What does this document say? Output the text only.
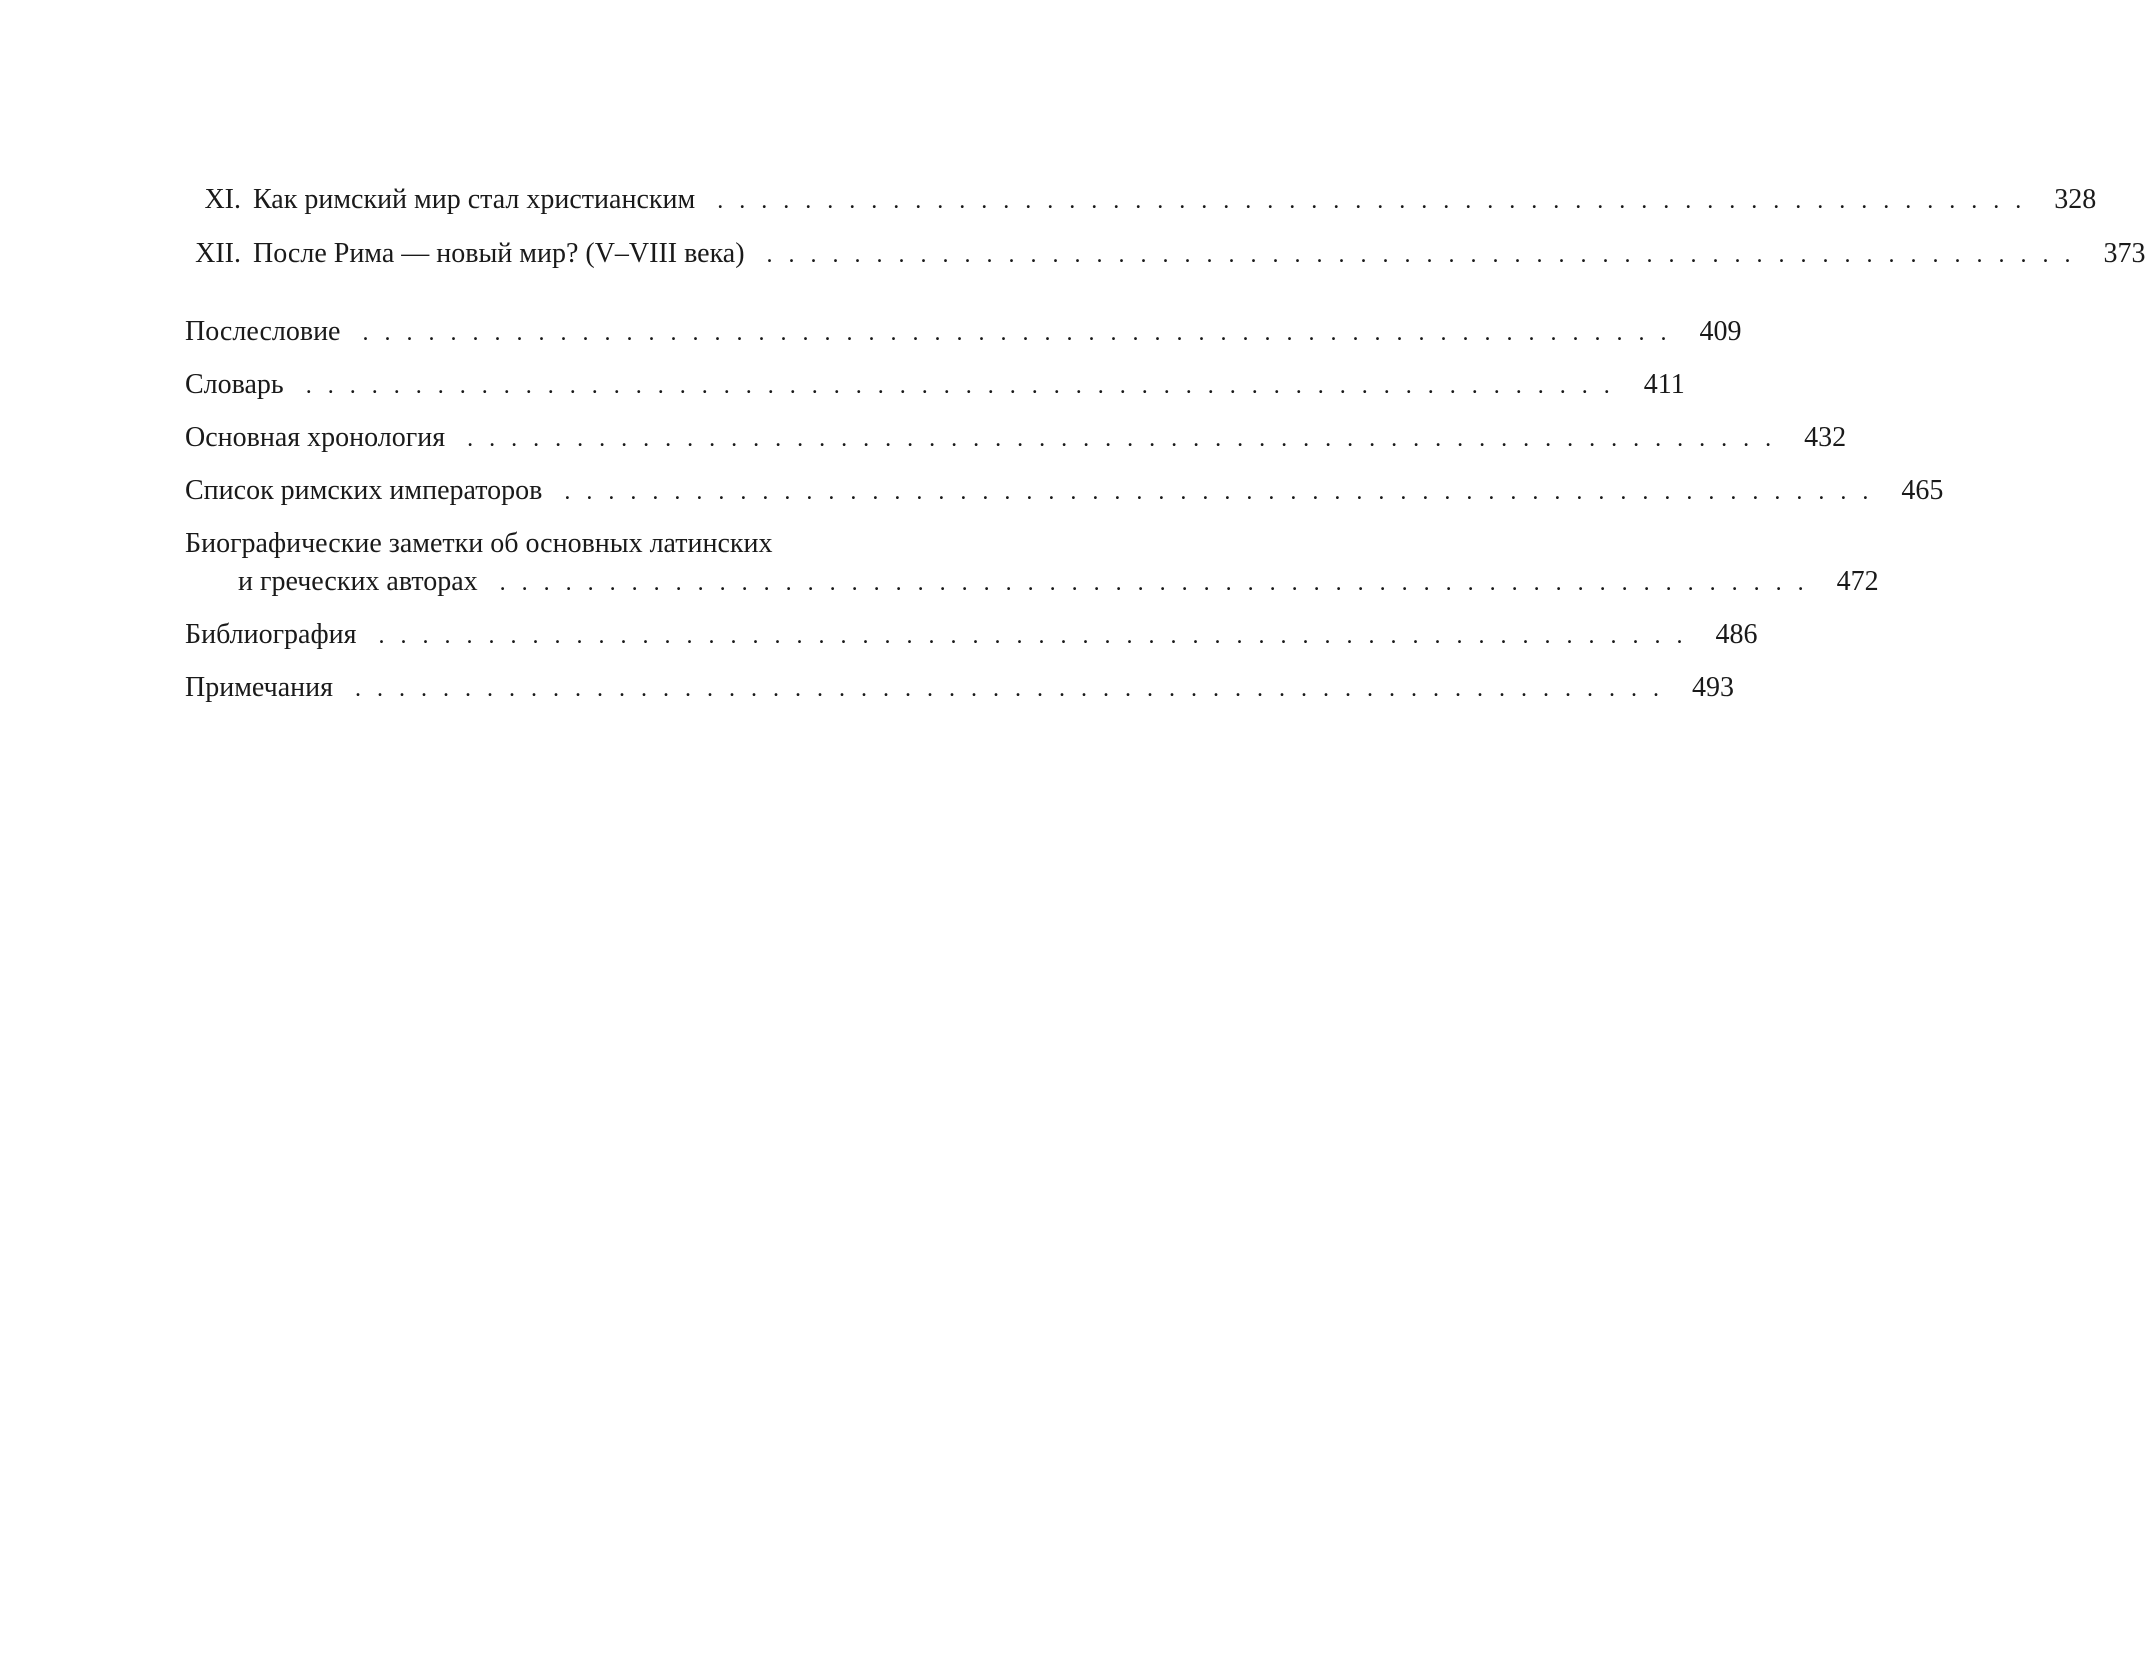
XI. Как римский мир стал христианским . . . . . . . . . . . . . . . . . . . . . . . . . . . . . . . . . . . . . . . . . . . . . . . . . . . . . . . . . . . .	328
XII. После Рима — новый мир? (V–VIII века) . . . . . . . . . . . . . . . . . . . . . . . . . . . . . . . . . . . . . . . . . . . . . . . . . . . . . . . . . . . .	373
Послесловие . . . . . . . . . . . . . . . . . . . . . . . . . . . . . . . . . . . . . . . . . . . . . . . . . . . . . . . . . . . .	409
Словарь . . . . . . . . . . . . . . . . . . . . . . . . . . . . . . . . . . . . . . . . . . . . . . . . . . . . . . . . . . . .	411
Основная хронология . . . . . . . . . . . . . . . . . . . . . . . . . . . . . . . . . . . . . . . . . . . . . . . . . . . . . . . . . . . .	432
Список римских императоров . . . . . . . . . . . . . . . . . . . . . . . . . . . . . . . . . . . . . . . . . . . . . . . . . . . . . . . . . . . .	465
Биографические заметки об основных латинских
и греческих авторах . . . . . . . . . . . . . . . . . . . . . . . . . . . . . . . . . . . . . . . . . . . . . . . . . . . . . . . . . . . .	472
Библиография . . . . . . . . . . . . . . . . . . . . . . . . . . . . . . . . . . . . . . . . . . . . . . . . . . . . . . . . . . . .	486
Примечания . . . . . . . . . . . . . . . . . . . . . . . . . . . . . . . . . . . . . . . . . . . . . . . . . . . . . . . . . . . .	493
